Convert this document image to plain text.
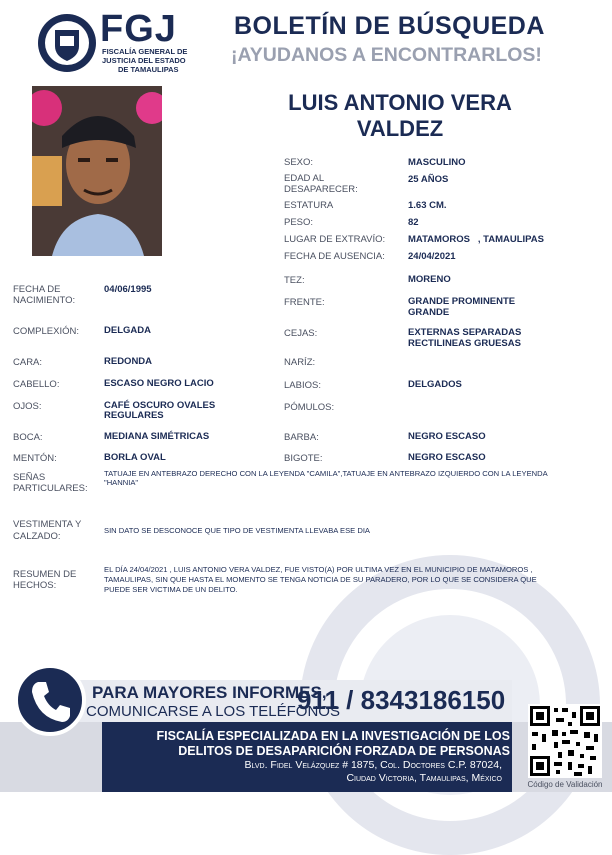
FGJ
FISCALÍA GENERAL DE
JUSTICIA DEL ESTADO
DE TAMAULIPAS
BOLETÍN DE BÚSQUEDA
¡AYUDANOS A ENCONTRARLOS!
LUIS ANTONIO VERA
VALDEZ
SEXO:	MASCULINO
EDAD AL
DESAPARECER:
25 AÑOS
ESTATURA	1.63 CM.
PESO:	82
LUGAR DE EXTRAVÍO: MATAMOROS   , TAMAULIPAS
FECHA DE AUSENCIA: 24/04/2021
TEZ:	MORENO
FRENTE:	GRANDE PROMINENTE
GRANDE
CEJAS:	EXTERNAS SEPARADAS
RECTILINEAS GRUESAS
NARÍZ:
LABIOS:	DELGADOS
PÓMULOS:
BARBA:	NEGRO ESCASO
BIGOTE:	NEGRO ESCASO
FECHA DE
NACIMIENTO:
04/06/1995
COMPLEXIÓN:	DELGADA
CARA:	REDONDA
CABELLO:	ESCASO NEGRO LACIO
OJOS:	CAFÉ OSCURO OVALES
REGULARES
BOCA:	MEDIANA SIMÉTRICAS
MENTÓN:	BORLA OVAL
SEÑAS
PARTICULARES:
TATUAJE EN ANTEBRAZO DERECHO CON LA LEYENDA "CAMILA",TATUAJE EN ANTEBRAZO IZQUIERDO CON LA LEYENDA
"HANNIA"
VESTIMENTA Y
CALZADO:
SIN DATO SE DESCONOCE QUE TIPO DE VESTIMENTA LLEVABA ESE DIA
RESUMEN DE
HECHOS:
EL DÍA 24/04/2021 , LUIS ANTONIO VERA VALDEZ, FUE VISTO(A) POR ULTIMA VEZ EN EL MUNICIPIO DE MATAMOROS ,
TAMAULIPAS, SIN QUE HASTA EL MOMENTO SE TENGA NOTICIA DE SU PARADERO, POR LO QUE SE CONSIDERA QUE
PUEDE SER VICTIMA DE UN DELITO.
PARA MAYORES INFORMES,
COMUNICARSE A LOS TELÉFONOS
911 / 8343186150
FISCALÍA ESPECIALIZADA EN LA INVESTIGACIÓN DE LOS
DELITOS DE DESAPARICIÓN FORZADA DE PERSONAS
Blvd. Fidel Velázquez # 1875, Col. Doctores C.P. 87024,
Ciudad Victoria, Tamaulipas, México
Código de Validación
